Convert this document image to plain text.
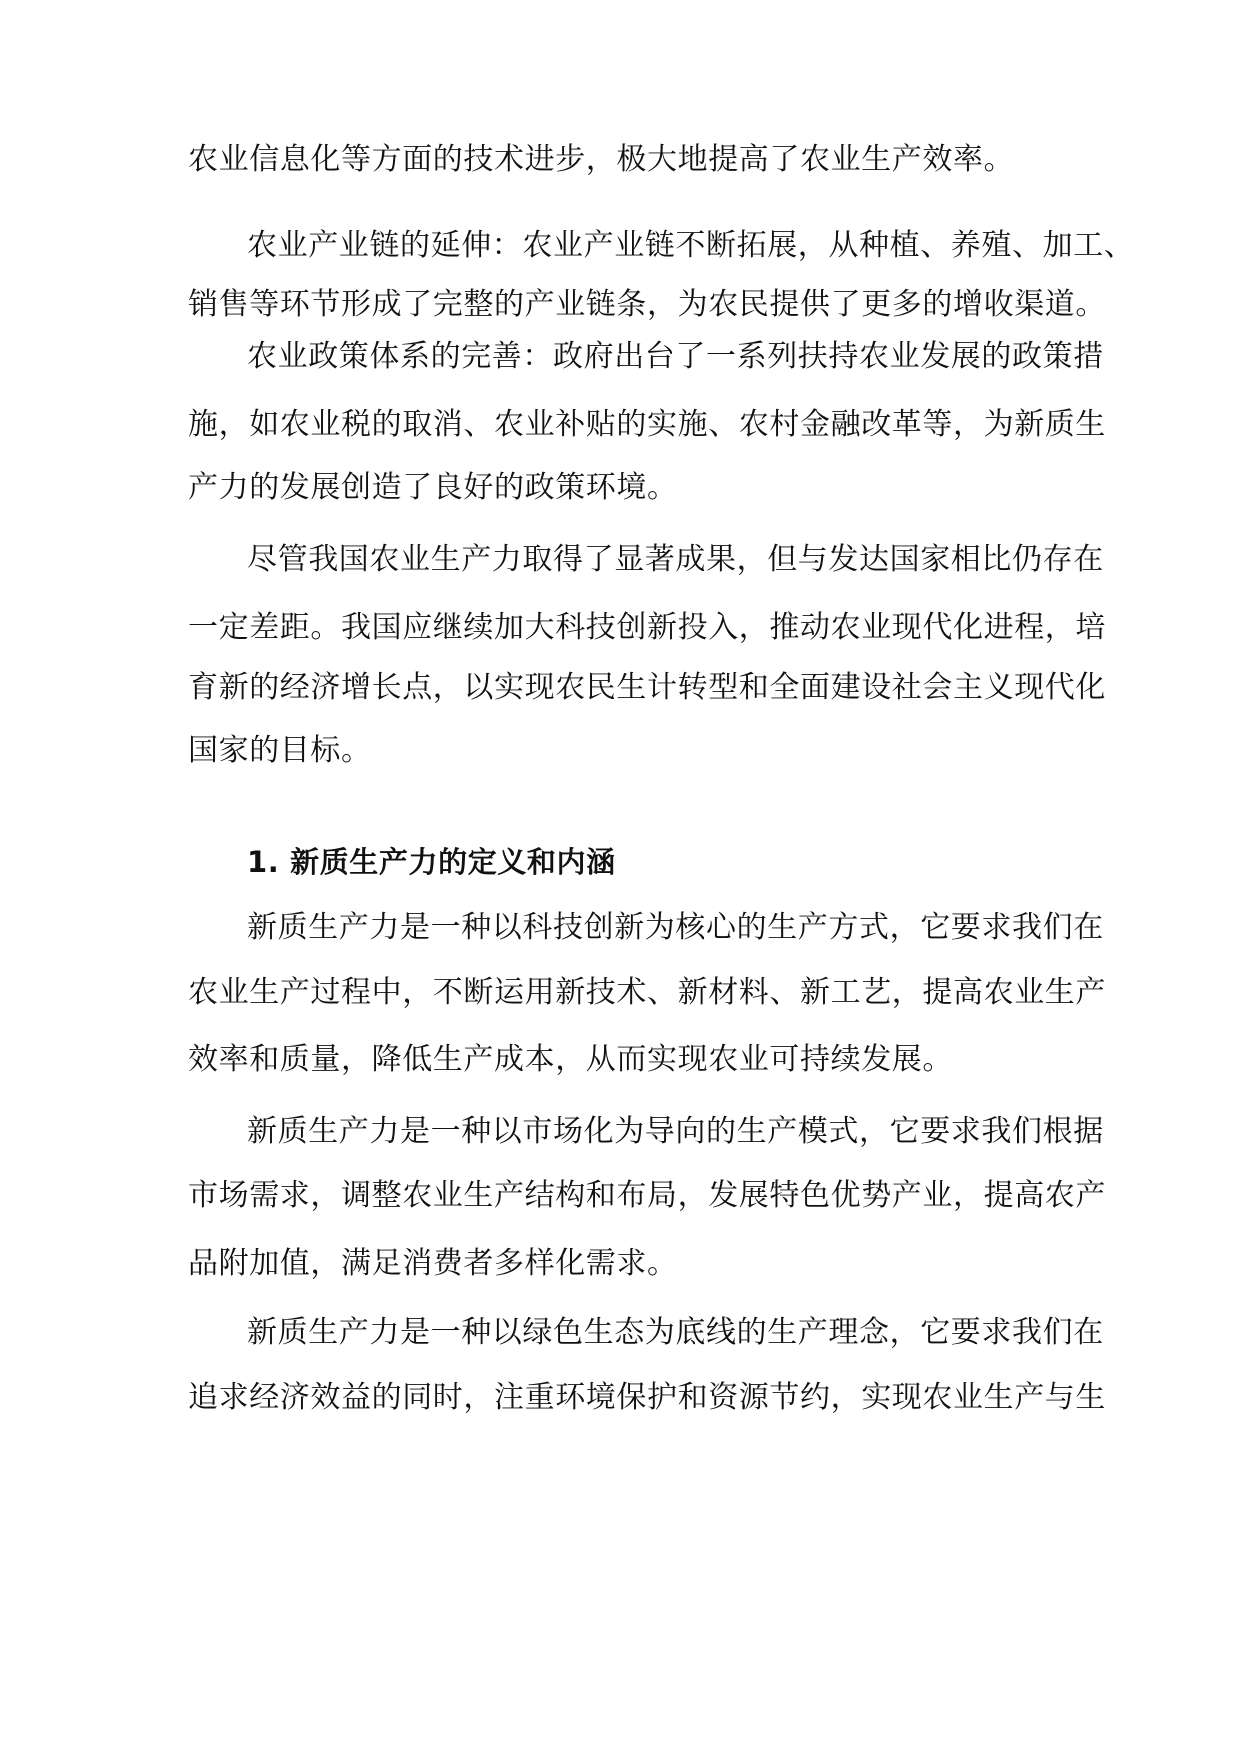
农业信息化等方面的技术进步，极大地提高了农业生产效率。
农业产业链的延伸：农业产业链不断拓展，从种植、养殖、加工、
销售等环节形成了完整的产业链条，为农民提供了更多的增收渠道。
农业政策体系的完善：政府出台了一系列扶持农业发展的政策措
施，如农业税的取消、农业补贴的实施、农村金融改革等，为新质生
产力的发展创造了良好的政策环境。
尽管我国农业生产力取得了显著成果，但与发达国家相比仍存在
一定差距。我国应继续加大科技创新投入，推动农业现代化进程，培
育新的经济增长点，以实现农民生计转型和全面建设社会主义现代化
国家的目标。
1. 新质生产力的定义和内涵
新质生产力是一种以科技创新为核心的生产方式，它要求我们在
农业生产过程中，不断运用新技术、新材料、新工艺，提高农业生产
效率和质量，降低生产成本，从而实现农业可持续发展。
新质生产力是一种以市场化为导向的生产模式，它要求我们根据
市场需求，调整农业生产结构和布局，发展特色优势产业，提高农产
品附加值，满足消费者多样化需求。
新质生产力是一种以绿色生态为底线的生产理念，它要求我们在
追求经济效益的同时，注重环境保护和资源节约，实现农业生产与生
